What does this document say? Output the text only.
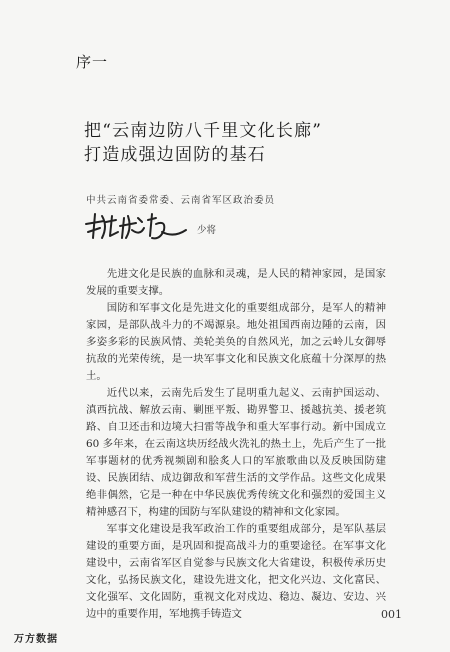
序一
把“云南边防八千里文化长廊”
打造成强边固防的基石
中共云南省委常委、云南省军区政治委员
少将

先进文化是民族的血脉和灵魂，是人民的精神家园，是国家发展的重要支撑。

国防和军事文化是先进文化的重要组成部分，是军人的精神家园，是部队战斗力的不竭源泉。地处祖国西南边陲的云南，因多姿多彩的民族风情、美轮美奂的自然风光，加之云岭儿女御辱抗敌的光荣传统，是一块军事文化和民族文化底蕴十分深厚的热土。

近代以来，云南先后发生了昆明重九起义、云南护国运动、滇西抗战、解放云南、剿匪平叛、勘界警卫、援越抗美、援老筑路、自卫还击和边境大扫雷等战争和重大军事行动。新中国成立 60 多年来，在云南这块历经战火洗礼的热土上，先后产生了一批军事题材的优秀视频剧和脍炙人口的军旅歌曲以及反映国防建设、民族团结、成边御敌和军营生活的文学作品。这些文化成果绝非偶然，它是一种在中华民族优秀传统文化和强烈的爱国主义精神感召下，构建的国防与军队建设的精神和文化家园。

军事文化建设是我军政治工作的重要组成部分，是军队基层建设的重要方面，是巩固和提高战斗力的重要途径。在军事文化建设中，云南省军区自觉参与民族文化大省建设，积极传承历史文化，弘扬民族文化，建设先进文化，把文化兴边、文化富民、文化强军、文化固防，重视文化对戍边、稳边、凝边、安边、兴边中的重要作用，军地携手铸造文	001
万方数据
